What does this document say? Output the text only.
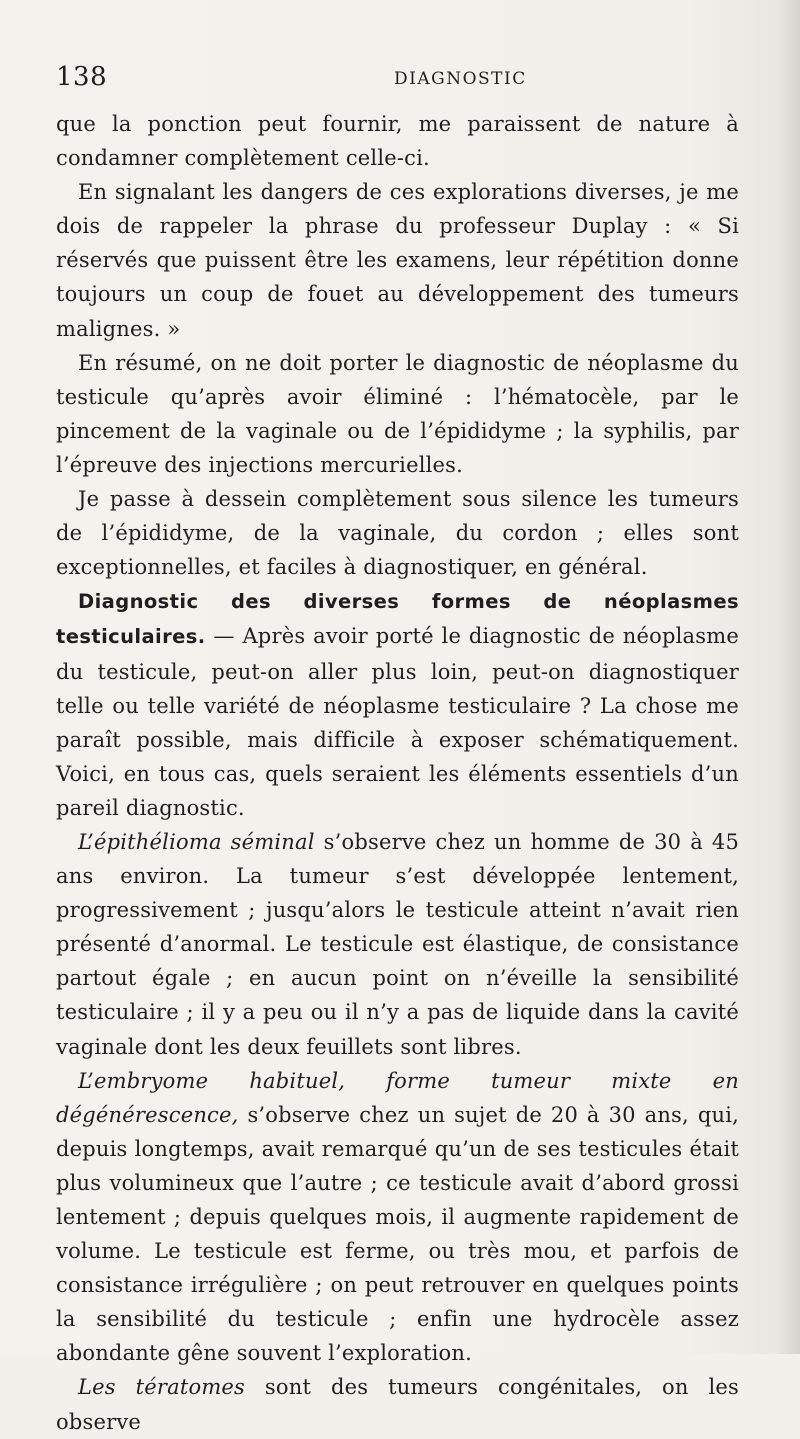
138	DIAGNOSTIC

que la ponction peut fournir, me paraissent de nature à condamner complètement celle-ci.

En signalant les dangers de ces explorations diverses, je me dois de rappeler la phrase du professeur Duplay : « Si réservés que puissent être les examens, leur répétition donne toujours un coup de fouet au développement des tumeurs malignes. »

En résumé, on ne doit porter le diagnostic de néoplasme du testicule qu’après avoir éliminé : l’hématocèle, par le pincement de la vaginale ou de l’épididyme ; la syphilis, par l’épreuve des injections mercurielles.

Je passe à dessein complètement sous silence les tumeurs de l’épididyme, de la vaginale, du cordon ; elles sont exceptionnelles, et faciles à diagnostiquer, en général.

Diagnostic des diverses formes de néoplasmes testiculaires. — Après avoir porté le diagnostic de néoplasme du testicule, peut-on aller plus loin, peut-on diagnostiquer telle ou telle variété de néoplasme testiculaire ? La chose me paraît possible, mais difficile à exposer schématiquement. Voici, en tous cas, quels seraient les éléments essentiels d’un pareil diagnostic.

L’épithélioma séminal s’observe chez un homme de 30 à 45 ans environ. La tumeur s’est développée lentement, progressivement ; jusqu’alors le testicule atteint n’avait rien présenté d’anormal. Le testicule est élastique, de consistance partout égale ; en aucun point on n’éveille la sensibilité testiculaire ; il y a peu ou il n’y a pas de liquide dans la cavité vaginale dont les deux feuillets sont libres.

L’embryome habituel, forme tumeur mixte en dégénérescence, s’observe chez un sujet de 20 à 30 ans, qui, depuis longtemps, avait remarqué qu’un de ses testicules était plus volumineux que l’autre ; ce testicule avait d’abord grossi lentement ; depuis quelques mois, il augmente rapidement de volume. Le testicule est ferme, ou très mou, et parfois de consistance irrégulière ; on peut retrouver en quelques points la sensibilité du testicule ; enfin une hydrocèle assez abondante gêne souvent l’exploration.

Les tératomes sont des tumeurs congénitales, on les observe
